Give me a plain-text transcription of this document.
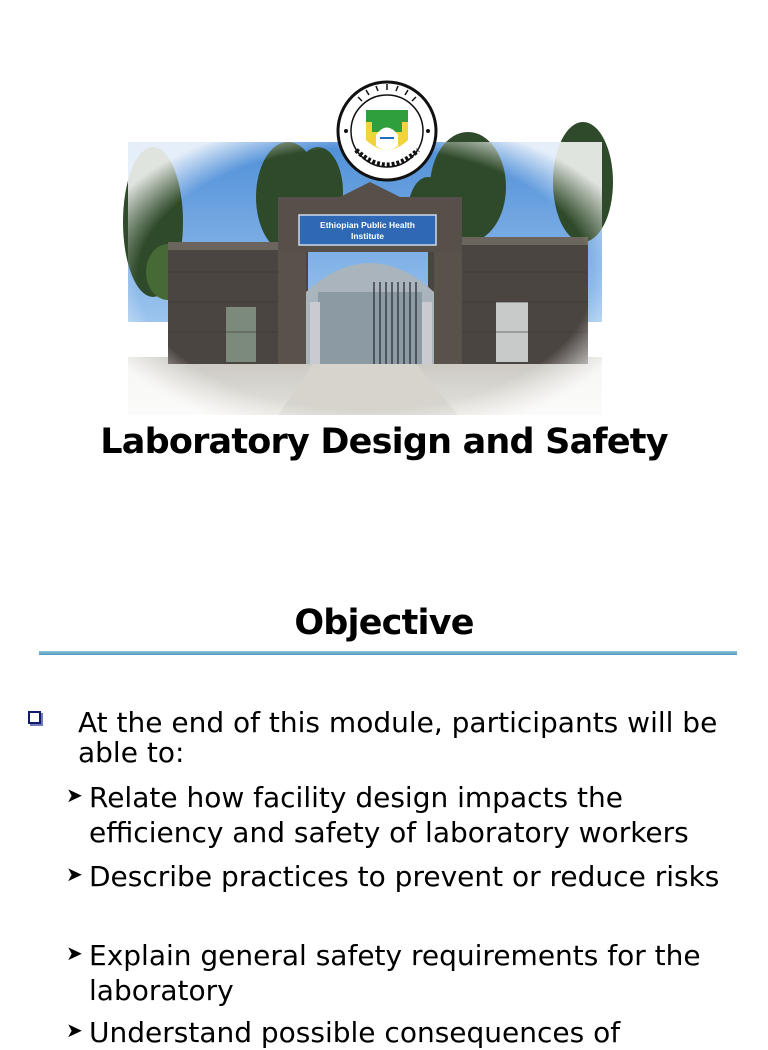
Laboratory Design and Safety
Objective
At the end of this module, participants will be able to:
➤ Relate how facility design impacts the efficiency and safety of laboratory workers
➤ Describe practices to prevent or reduce risks
➤ Explain general safety requirements for the laboratory
➤ Understand possible consequences of
